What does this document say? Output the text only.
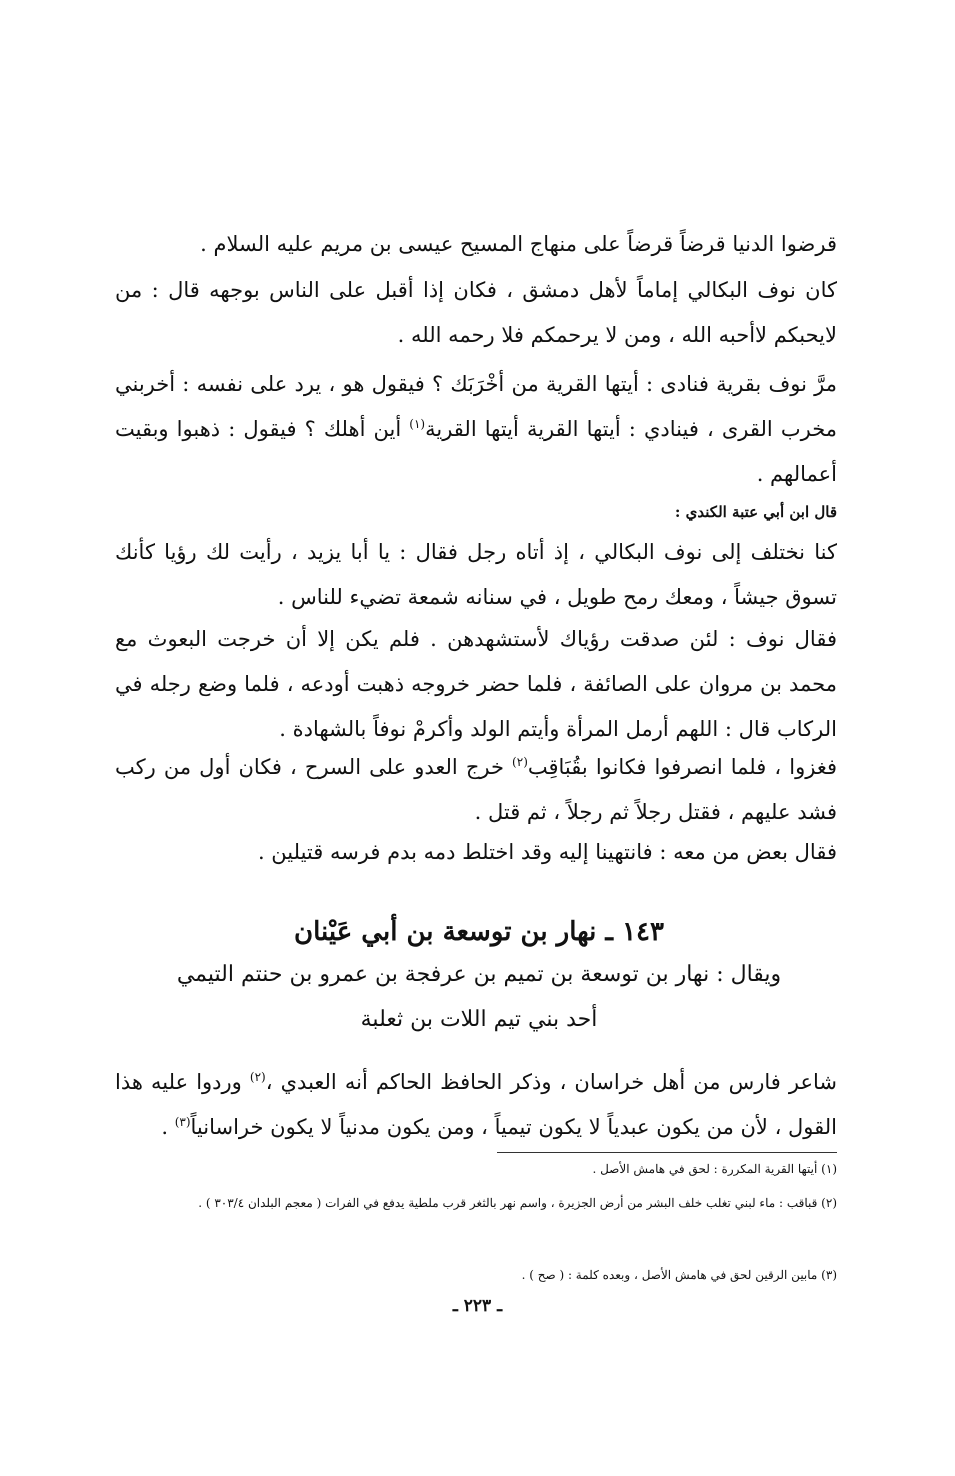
قرضوا الدنيا قرضاً قرضاً على منهاج المسيح عيسى بن مريم عليه السلام .

كان نوف البكالي إماماً لأهل دمشق ، فكان إذا أقبل على الناس بوجهه قال : من لايحبكم لاأحبه الله ، ومن لا يرحمكم فلا رحمه الله .

مرَّ نوف بقرية فنادى : أيتها القرية من أخْرَبَك ؟ فيقول هو ، يرد على نفسه : أخربني مخرب القرى ، فينادي : أيتها القرية أيتها القرية$^{(١)}$ أين أهلك ؟ فيقول : ذهبوا وبقيت أعمالهم .

قال ابن أبي عتبة الكندي :

كنا نختلف إلى نوف البكالي ، إذ أتاه رجل فقال : يا أبا يزيد ، رأيت لك رؤيا كأنك تسوق جيشاً ، ومعك رمح طويل ، في سنانه شمعة تضيء للناس .

فقال نوف : لئن صدقت رؤياك لأستشهدهن . فلم يكن إلا أن خرجت البعوث مع محمد بن مروان على الصائفة ، فلما حضر خروجه ذهبت أودعه ، فلما وضع رجله في الركاب قال : اللهم أرمل المرأة وأيتم الولد وأكرمْ نوفاً بالشهادة .

فغزوا ، فلما انصرفوا فكانوا بقُبَاقِب$^{(٢)}$ خرج العدو على السرح ، فكان أول من ركب فشد عليهم ، فقتل رجلاً ثم رجلاً ، ثم قتل .

فقال بعض من معه : فانتهينا إليه وقد اختلط دمه بدم فرسه قتيلين .

١٤٣ ـ نهار بن توسعة بن أبي عَيْنان

ويقال : نهار بن توسعة بن تميم بن عرفجة بن عمرو بن حنتم التيمي

أحد بني تيم اللات بن ثعلبة

شاعر فارس من أهل خراسان ، وذكر الحافظ الحاكم أنه العبدي ،$^{(٢)}$ وردوا عليه هذا القول ، لأن من يكون عبدياً لا يكون تيمياً ، ومن يكون مدنياً لا يكون خراسانياً$^{(٣)}$ .

(١) أيتها القرية المكررة : لحق في هامش الأصل .

(٢) قباقب : ماء لبني تغلب خلف البشر من أرض الجزيرة ، واسم نهر بالثغر قرب ملطية يدفع في الفرات ( معجم البلدان ٣٠٣/٤ ) .

(٣) مابين الرقين لحق في هامش الأصل ، وبعده كلمة : ( صح ) .

ـ ٢٢٣ ـ
